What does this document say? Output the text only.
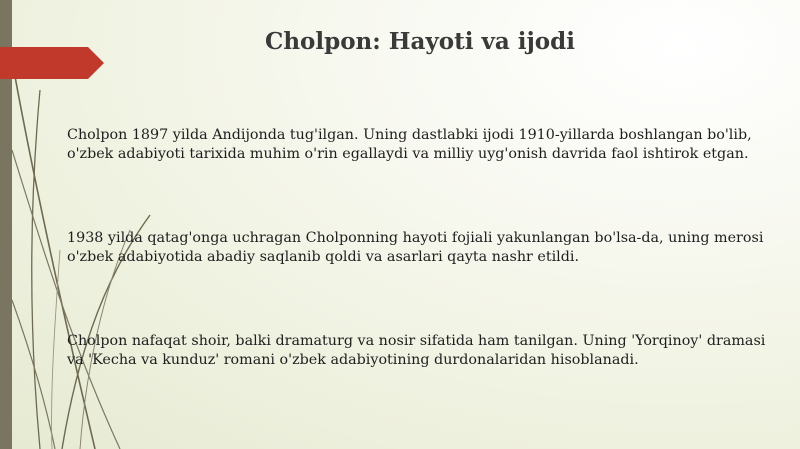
Cholpon: Hayoti va ijodi

Cholpon 1897 yilda Andijonda tug'ilgan. Uning dastlabki ijodi 1910-yillarda boshlangan bo'lib, o'zbek adabiyoti tarixida muhim o'rin egallaydi va milliy uyg'onish davrida faol ishtirok etgan.

1938 yilda qatag'onga uchragan Cholponning hayoti fojiali yakunlangan bo'lsa-da, uning merosi o'zbek adabiyotida abadiy saqlanib qoldi va asarlari qayta nashr etildi.

Cholpon nafaqat shoir, balki dramaturg va nosir sifatida ham tanilgan. Uning 'Yorqinoy' dramasi va 'Kecha va kunduz' romani o'zbek adabiyotining durdonalaridan hisoblanadi.
